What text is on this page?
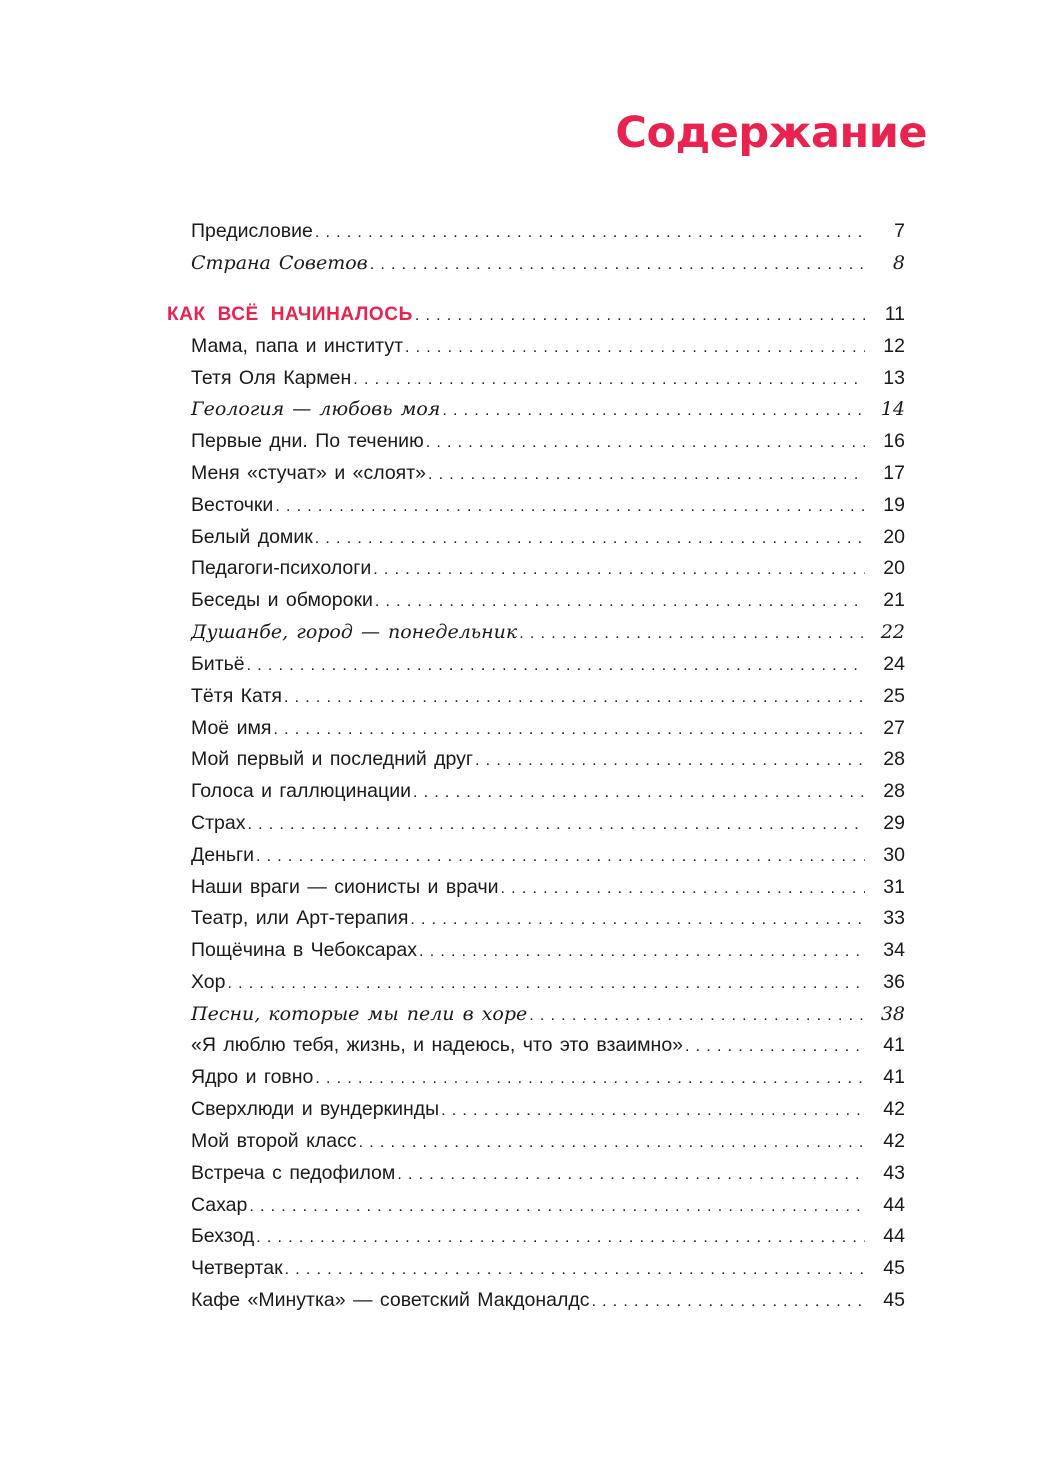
Содержание
Предисловие .....	7
Страна Советов .....	8
КАК ВСЁ НАЧИНАЛОСЬ .....	11
Мама, папа и институт .....	12
Тетя Оля Кармен .....	13
Геология — любовь моя .....	14
Первые дни. По течению .....	16
Меня «стучат» и «слоят» .....	17
Весточки .....	19
Белый домик .....	20
Педагоги-психологи .....	20
Беседы и обмороки .....	21
Душанбе, город — понедельник .....	22
Битьё .....	24
Тётя Катя .....	25
Моё имя .....	27
Мой первый и последний друг .....	28
Голоса и галлюцинации .....	28
Страх .....	29
Деньги .....	30
Наши враги — сионисты и врачи .....	31
Театр, или Арт-терапия .....	33
Пощёчина в Чебоксарах .....	34
Хор .....	36
Песни, которые мы пели в хоре .....	38
«Я люблю тебя, жизнь, и надеюсь, что это взаимно» .....	41
Ядро и говно .....	41
Сверхлюди и вундеркинды .....	42
Мой второй класс .....	42
Встреча с педофилом .....	43
Сахар .....	44
Бехзод .....	44
Четвертак .....	45
Кафе «Минутка» — советский Макдоналдс .....	45
